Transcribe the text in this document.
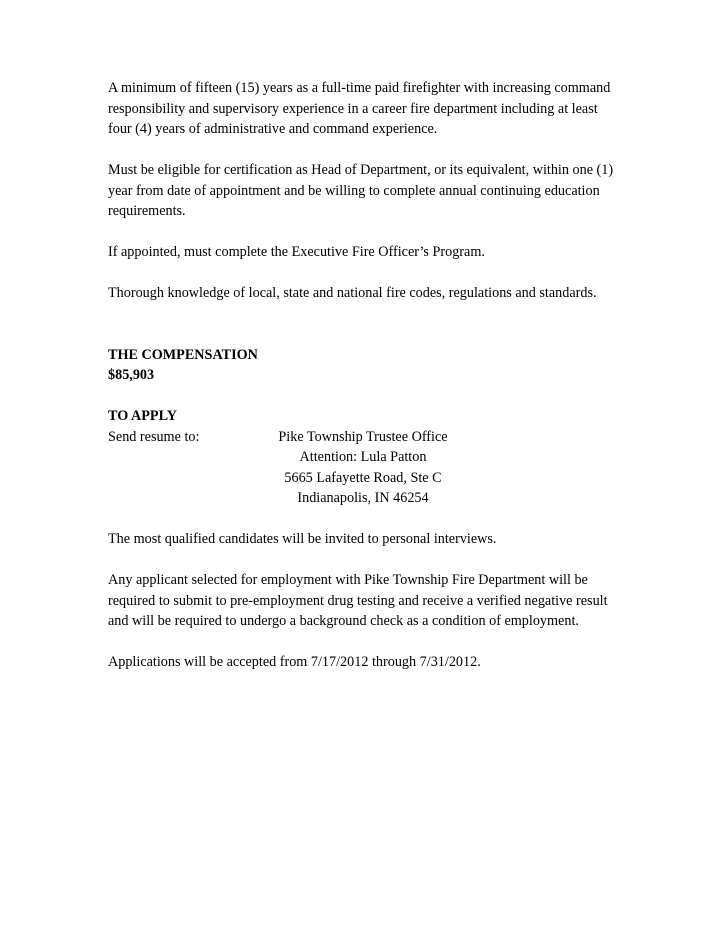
A minimum of fifteen (15) years as a full-time paid firefighter with increasing command

responsibility and supervisory experience in a career fire department including at least

four (4) years of administrative and command experience.

Must be eligible for certification as Head of Department, or its equivalent, within one (1)

year from date of appointment and be willing to complete annual continuing education

requirements.

If appointed, must complete the Executive Fire Officer’s Program.

Thorough knowledge of local, state and national fire codes, regulations and standards.

THE COMPENSATION

$85,903

TO APPLY

Send resume to:	Pike Township Trustee Office
Attention: Lula Patton
5665 Lafayette Road, Ste C
Indianapolis, IN 46254

The most qualified candidates will be invited to personal interviews.

Any applicant selected for employment with Pike Township Fire Department will be

required to submit to pre-employment drug testing and receive a verified negative result

and will be required to undergo a background check as a condition of employment.

Applications will be accepted from 7/17/2012 through 7/31/2012.
